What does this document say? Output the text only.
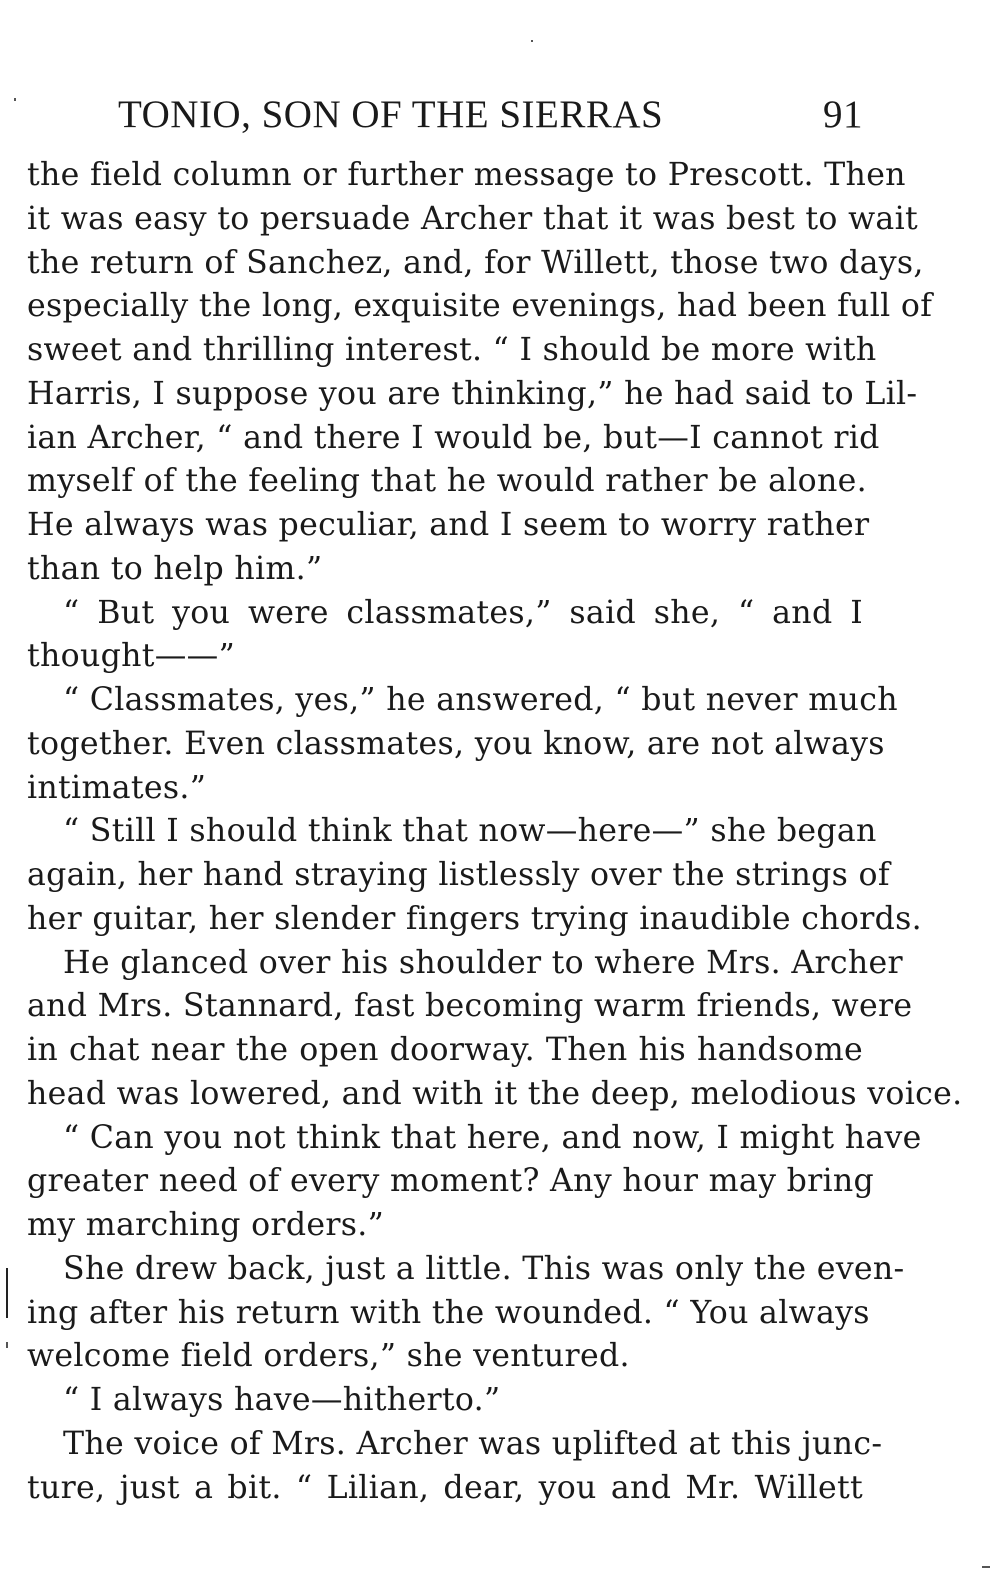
TONIO, SON OF THE SIERRAS	91
the field column or further message to Prescott. Then
it was easy to persuade Archer that it was best to wait
the return of Sanchez, and, for Willett, those two days,
especially the long, exquisite evenings, had been full of
sweet and thrilling interest. “ I should be more with
Harris, I suppose you are thinking,” he had said to Lil-
ian Archer, “ and there I would be, but—I cannot rid
myself of the feeling that he would rather be alone.
He always was peculiar, and I seem to worry rather
than to help him.”
“ But you were classmates,” said she, “ and I
thought——”
“ Classmates, yes,” he answered, “ but never much
together. Even classmates, you know, are not always
intimates.”
“ Still I should think that now—here—” she began
again, her hand straying listlessly over the strings of
her guitar, her slender fingers trying inaudible chords.
He glanced over his shoulder to where Mrs. Archer
and Mrs. Stannard, fast becoming warm friends, were
in chat near the open doorway. Then his handsome
head was lowered, and with it the deep, melodious voice.
“ Can you not think that here, and now, I might have
greater need of every moment? Any hour may bring
my marching orders.”
She drew back, just a little. This was only the even-
ing after his return with the wounded. “ You always
welcome field orders,” she ventured.
“ I always have—hitherto.”
The voice of Mrs. Archer was uplifted at this junc-
ture, just a bit. “ Lilian, dear, you and Mr. Willett
